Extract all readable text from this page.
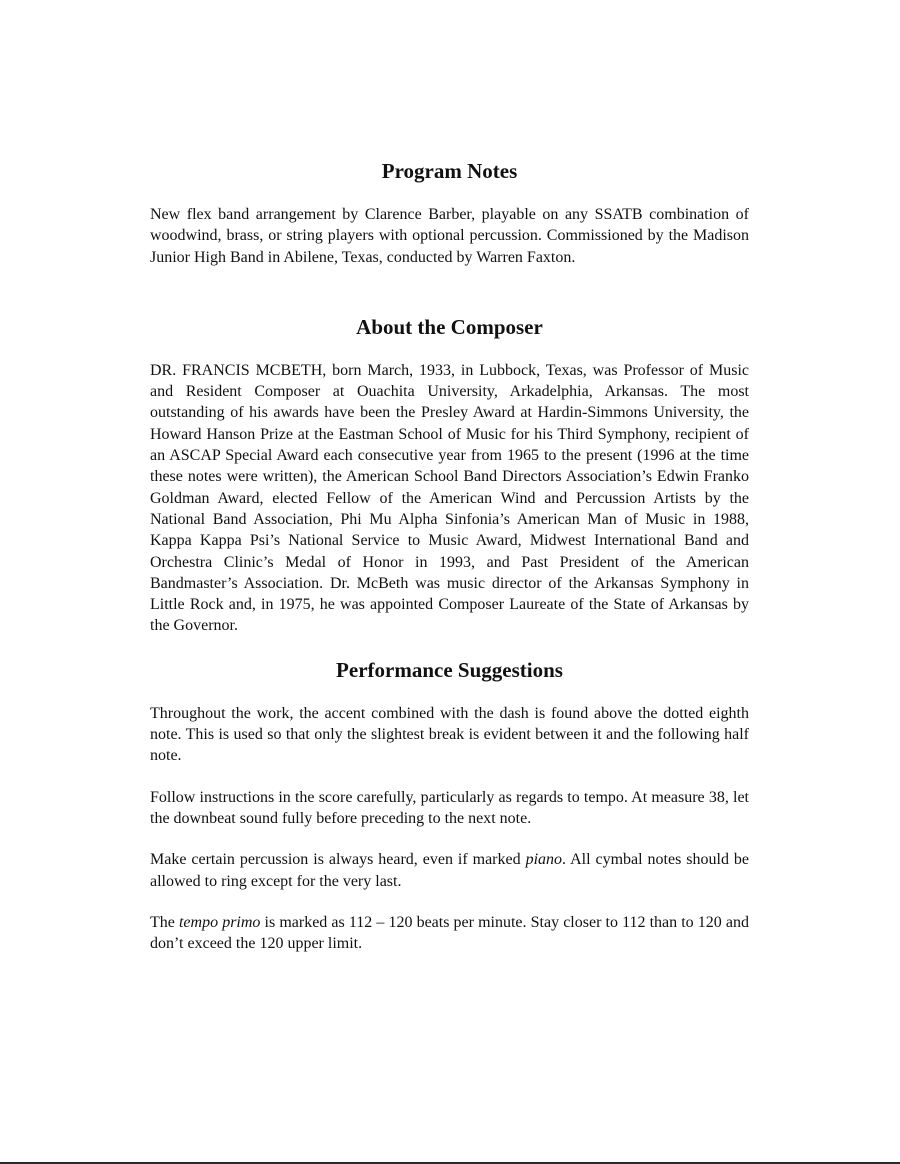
Program Notes

New flex band arrangement by Clarence Barber, playable on any SSATB combination of woodwind, brass, or string players with optional percussion. Commissioned by the Madison Junior High Band in Abilene, Texas, conducted by Warren Faxton.

About the Composer

DR. FRANCIS MCBETH, born March, 1933, in Lubbock, Texas, was Professor of Music and Resident Composer at Ouachita University, Arkadelphia, Arkansas. The most outstanding of his awards have been the Presley Award at Hardin-Simmons University, the Howard Hanson Prize at the Eastman School of Music for his Third Symphony, recipient of an ASCAP Special Award each consecutive year from 1965 to the present (1996 at the time these notes were written), the American School Band Directors Association’s Edwin Franko Goldman Award, elected Fellow of the American Wind and Percussion Artists by the National Band Association, Phi Mu Alpha Sinfonia’s American Man of Music in 1988, Kappa Kappa Psi’s National Service to Music Award, Midwest International Band and Orchestra Clinic’s Medal of Honor in 1993, and Past President of the American Bandmaster’s Association. Dr. McBeth was music director of the Arkansas Symphony in Little Rock and, in 1975, he was appointed Composer Laureate of the State of Arkansas by the Governor.

Performance Suggestions

Throughout the work, the accent combined with the dash is found above the dotted eighth note. This is used so that only the slightest break is evident between it and the following half note.

Follow instructions in the score carefully, particularly as regards to tempo. At measure 38, let the downbeat sound fully before preceding to the next note.

Make certain percussion is always heard, even if marked piano. All cymbal notes should be allowed to ring except for the very last.

The tempo primo is marked as 112 – 120 beats per minute. Stay closer to 112 than to 120 and don’t exceed the 120 upper limit.
